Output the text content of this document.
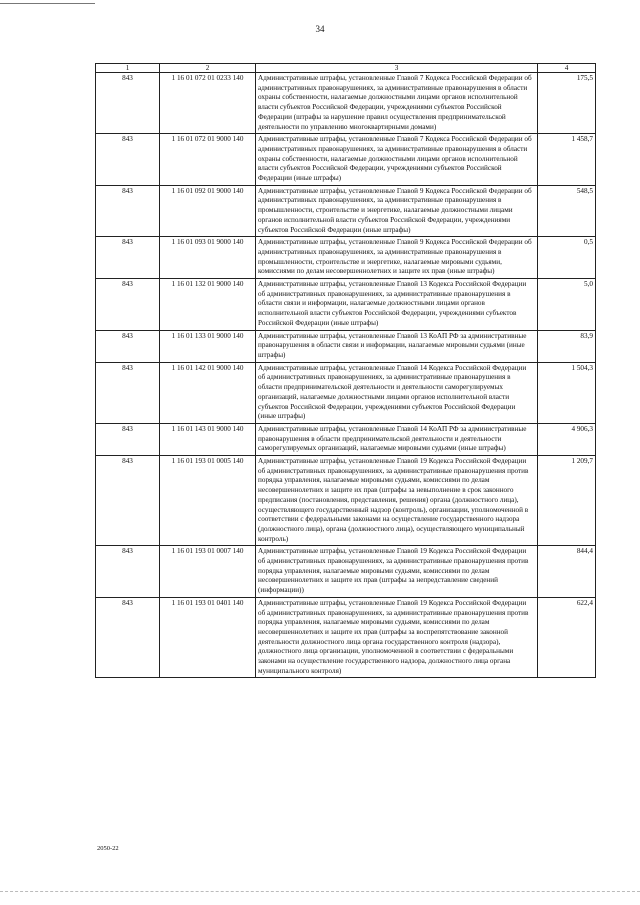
34
1	2	3	4
843	1 16 01 072 01 0233 140	Административные штрафы, установленные Главой 7 Кодекса Российской Федерации об административных правонарушениях, за административные правонарушения в области охраны собственности, налагаемые должностными лицами органов исполнительной власти субъектов Российской Федерации, учреждениями субъектов Российской Федерации (штрафы за нарушение правил осуществления предпринимательской деятельности по управлению многоквартирными домами)	175,5
843	1 16 01 072 01 9000 140	Административные штрафы, установленные Главой 7 Кодекса Российской Федерации об административных правонарушениях, за административные правонарушения в области охраны собственности, налагаемые должностными лицами органов исполнительной власти субъектов Российской Федерации, учреждениями субъектов Российской Федерации (иные штрафы)	1 458,7
843	1 16 01 092 01 9000 140	Административные штрафы, установленные Главой 9 Кодекса Российской Федерации об административных правонарушениях, за административные правонарушения в промышленности, строительстве и энергетике, налагаемые должностными лицами органов исполнительной власти субъектов Российской Федерации, учреждениями субъектов Российской Федерации (иные штрафы)	548,5
843	1 16 01 093 01 9000 140	Административные штрафы, установленные Главой 9 Кодекса Российской Федерации об административных правонарушениях, за административные правонарушения в промышленности, строительстве и энергетике, налагаемые мировыми судьями, комиссиями по делам несовершеннолетних и защите их прав (иные штрафы)	0,5
843	1 16 01 132 01 9000 140	Административные штрафы, установленные Главой 13 Кодекса Российской Федерации об административных правонарушениях, за административные правонарушения в области связи и информации, налагаемые должностными лицами органов исполнительной власти субъектов Российской Федерации, учреждениями субъектов Российской Федерации (иные штрафы)	5,0
843	1 16 01 133 01 9000 140	Административные штрафы, установленные Главой 13 КоАП РФ за административные правонарушения в области связи и информации, налагаемые мировыми судьями (иные штрафы)	83,9
843	1 16 01 142 01 9000 140	Административные штрафы, установленные Главой 14 Кодекса Российской Федерации об административных правонарушениях, за административные правонарушения в области предпринимательской деятельности и деятельности саморегулируемых организаций, налагаемые должностными лицами органов исполнительной власти субъектов Российской Федерации, учреждениями субъектов Российской Федерации (иные штрафы)	1 504,3
843	1 16 01 143 01 9000 140	Административные штрафы, установленные Главой 14 КоАП РФ за административные правонарушения в области предпринимательской деятельности и деятельности саморегулируемых организаций, налагаемые мировыми судьями (иные штрафы)	4 906,3
843	1 16 01 193 01 0005 140	Административные штрафы, установленные Главой 19 Кодекса Российской Федерации об административных правонарушениях, за административные правонарушения против порядка управления, налагаемые мировыми судьями, комиссиями по делам несовершеннолетних и защите их прав (штрафы за невыполнение в срок законного предписания (постановления, представления, решения) органа (должностного лица), осуществляющего государственный надзор (контроль), организации, уполномоченной в соответствии с федеральными законами на осуществление государственного надзора (должностного лица), органа (должностного лица), осуществляющего муниципальный контроль)	1 209,7
843	1 16 01 193 01 0007 140	Административные штрафы, установленные Главой 19 Кодекса Российской Федерации об административных правонарушениях, за административные правонарушения против порядка управления, налагаемые мировыми судьями, комиссиями по делам несовершеннолетних и защите их прав (штрафы за непредставление сведений (информации))	844,4
843	1 16 01 193 01 0401 140	Административные штрафы, установленные Главой 19 Кодекса Российской Федерации об административных правонарушениях, за административные правонарушения против порядка управления, налагаемые мировыми судьями, комиссиями по делам несовершеннолетних и защите их прав (штрафы за воспрепятствование законной деятельности должностного лица органа государственного контроля (надзора), должностного лица организации, уполномоченной в соответствии с федеральными законами на осуществление государственного надзора, должностного лица органа муниципального контроля)	622,4
2050-22
